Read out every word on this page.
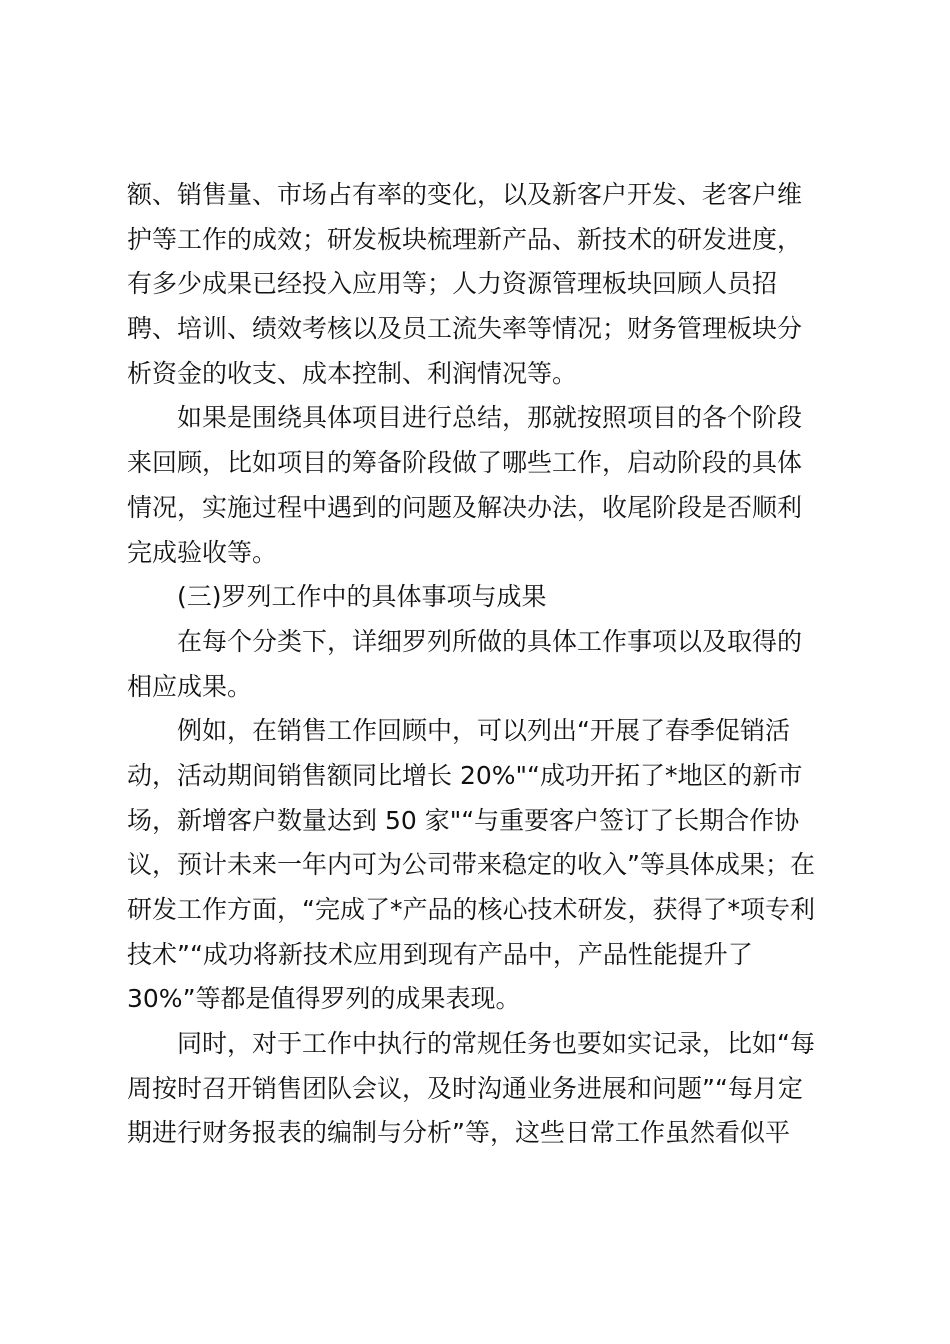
额、销售量、市场占有率的变化，以及新客户开发、老客户维
护等工作的成效；研发板块梳理新产品、新技术的研发进度，
有多少成果已经投入应用等；人力资源管理板块回顾人员招
聘、培训、绩效考核以及员工流失率等情况；财务管理板块分
析资金的收支、成本控制、利润情况等。
如果是围绕具体项目进行总结，那就按照项目的各个阶段
来回顾，比如项目的筹备阶段做了哪些工作，启动阶段的具体
情况，实施过程中遇到的问题及解决办法，收尾阶段是否顺利
完成验收等。
(三)罗列工作中的具体事项与成果
在每个分类下，详细罗列所做的具体工作事项以及取得的
相应成果。
例如，在销售工作回顾中，可以列出“开展了春季促销活
动，活动期间销售额同比增长 20%"“成功开拓了*地区的新市
场，新增客户数量达到 50 家"“与重要客户签订了长期合作协
议，预计未来一年内可为公司带来稳定的收入”等具体成果；在
研发工作方面，“完成了*产品的核心技术研发，获得了*项专利
技术”“成功将新技术应用到现有产品中，产品性能提升了
30%”等都是值得罗列的成果表现。
同时，对于工作中执行的常规任务也要如实记录，比如“每
周按时召开销售团队会议，及时沟通业务进展和问题”“每月定
期进行财务报表的编制与分析”等，这些日常工作虽然看似平
